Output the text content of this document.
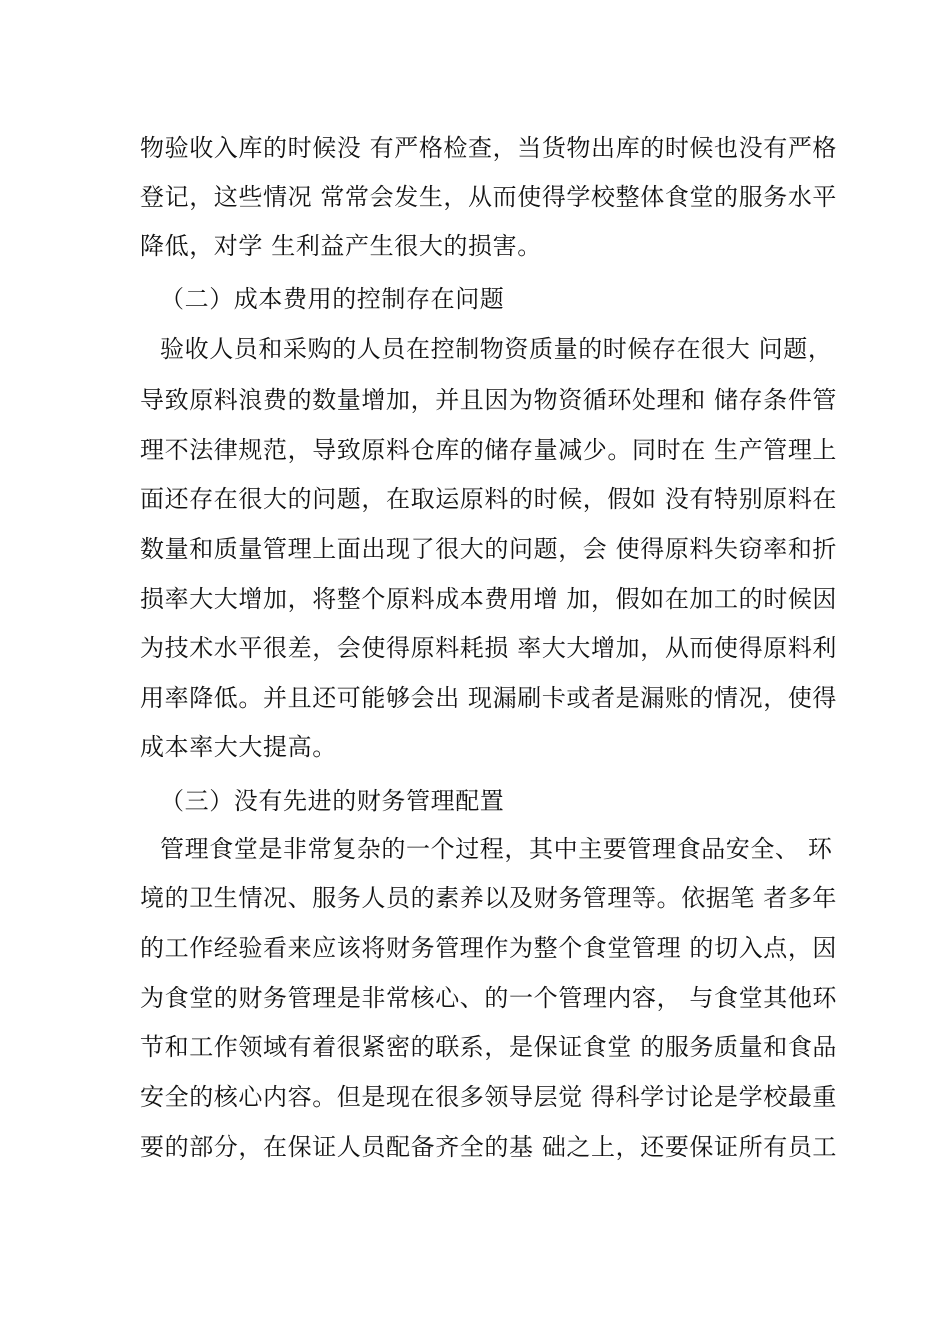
物验收入库的时候没 有严格检查，当货物出库的时候也没有严格
登记，这些情况 常常会发生，从而使得学校整体食堂的服务水平
降低，对学 生利益产生很大的损害。
（二）成本费用的控制存在问题
验收人员和采购的人员在控制物资质量的时候存在很大 问题，
导致原料浪费的数量增加，并且因为物资循环处理和 储存条件管
理不法律规范，导致原料仓库的储存量减少。同时在 生产管理上
面还存在很大的问题，在取运原料的时候，假如 没有特别原料在
数量和质量管理上面出现了很大的问题，会 使得原料失窃率和折
损率大大增加，将整个原料成本费用增 加，假如在加工的时候因
为技术水平很差，会使得原料耗损 率大大增加，从而使得原料利
用率降低。并且还可能够会出 现漏刷卡或者是漏账的情况，使得
成本率大大提高。
（三）没有先进的财务管理配置
管理食堂是非常复杂的一个过程，其中主要管理食品安全、 环
境的卫生情况、服务人员的素养以及财务管理等。依据笔 者多年
的工作经验看来应该将财务管理作为整个食堂管理 的切入点，因
为食堂的财务管理是非常核心、的一个管理内容， 与食堂其他环
节和工作领域有着很紧密的联系，是保证食堂 的服务质量和食品
安全的核心内容。但是现在很多领导层觉 得科学讨论是学校最重
要的部分，在保证人员配备齐全的基 础之上，还要保证所有员工
